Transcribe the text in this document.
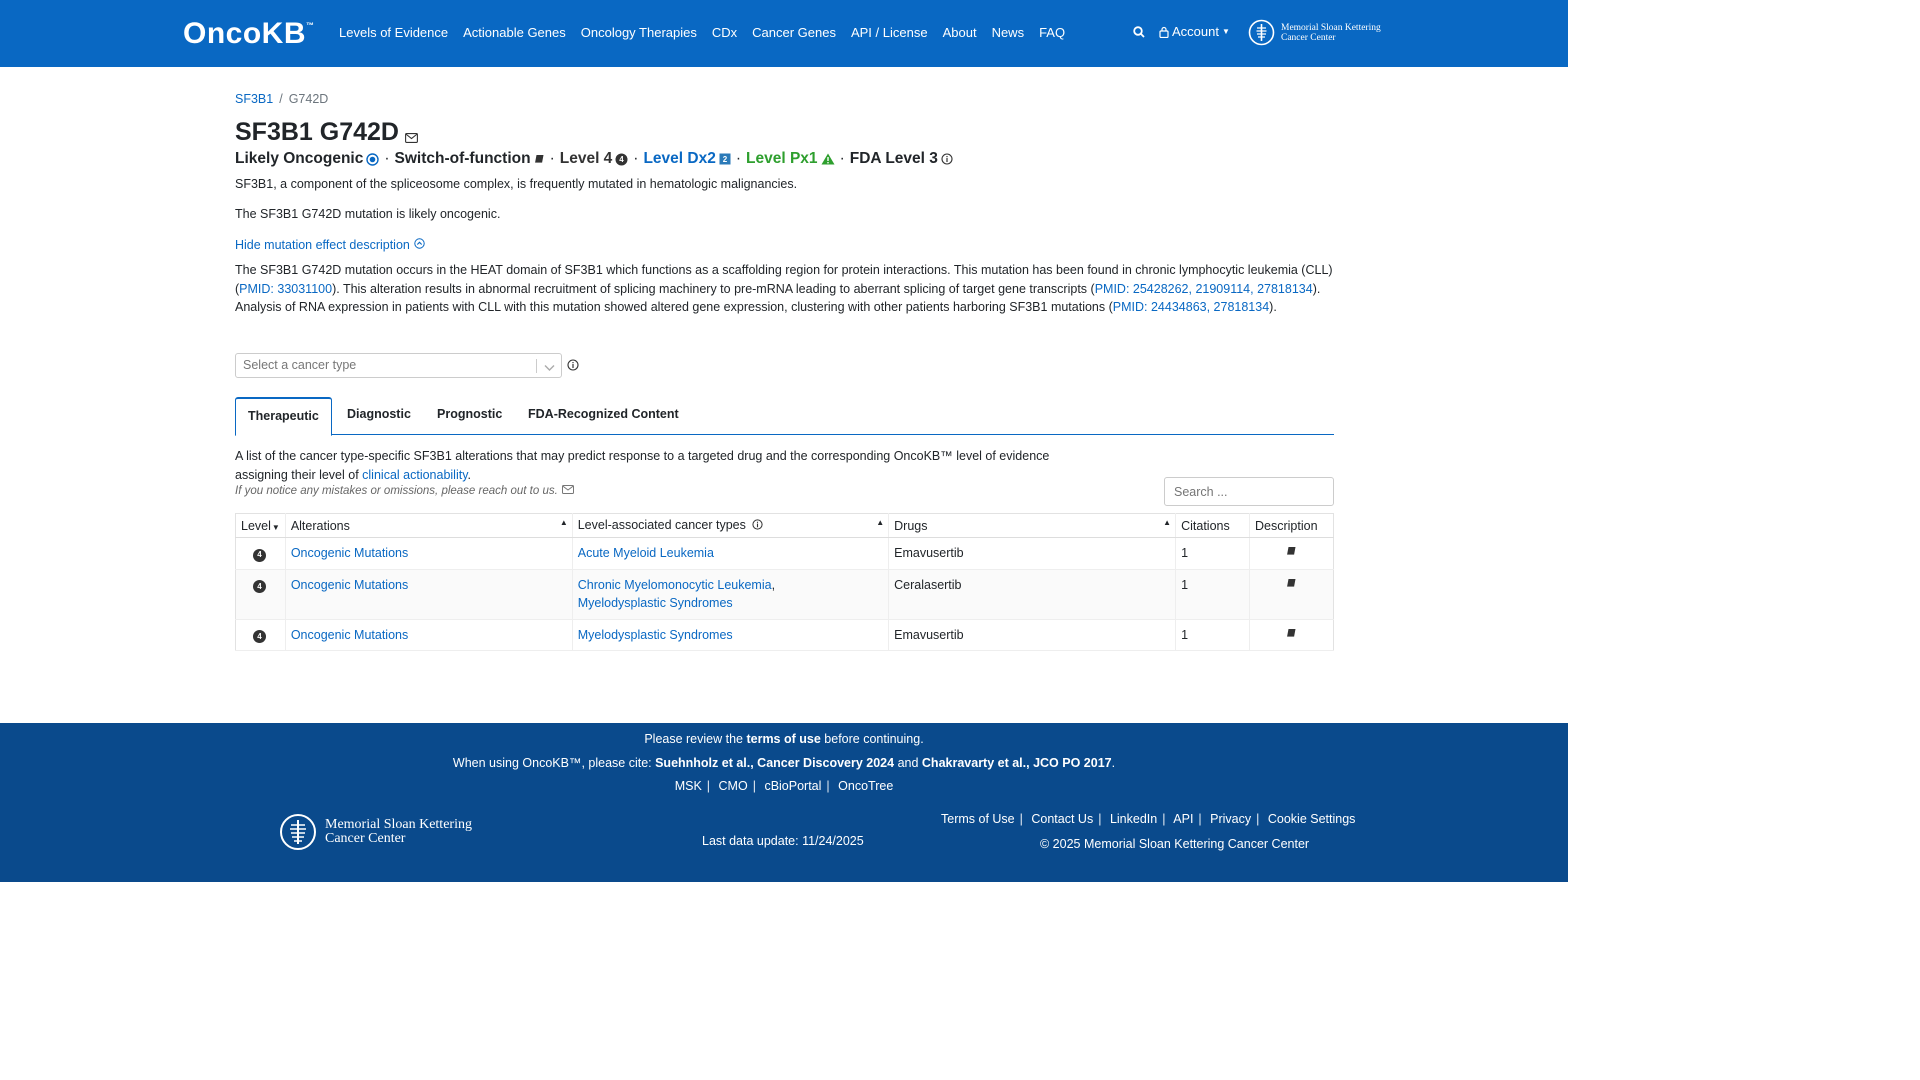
OncoKB ™ Levels of Evidence Actionable Genes Oncology Therapies CDx Cancer Genes API / License About News FAQ	Account ▼	Memorial Sloan Kettering
Cancer Center
SF3B1 / G742D
SF3B1 G742D
Likely Oncogenic · Switch-of-function · Level 4 4 · Level Dx2 2 · Level Px1 · FDA Level 3
SF3B1, a component of the spliceosome complex, is frequently mutated in hematologic malignancies.
The SF3B1 G742D mutation is likely oncogenic.
Hide mutation effect description
The SF3B1 G742D mutation occurs in the HEAT domain of SF3B1 which functions as a scaffolding region for protein interactions. This mutation has been found in chronic lymphocytic leukemia (CLL) (PMID: 33031100). This alteration results in abnormal recruitment of splicing machinery to pre-mRNA leading to aberrant splicing of target gene transcripts (PMID: 25428262, 21909114, 27818134). Analysis of RNA expression in patients with CLL with this mutation showed altered gene expression, clustering with other patients harboring SF3B1 mutations (PMID: 24434863, 27818134).
Select a cancer type
Therapeutic	Diagnostic	Prognostic	FDA-Recognized Content
A list of the cancer type-specific SF3B1 alterations that may predict response to a targeted drug and the corresponding OncoKB™ level of evidence assigning their level of clinical actionability.
If you notice any mistakes or omissions, please reach out to us.
Search ...
Level▼	Alterations ▲	Level-associated cancer types ▲	Drugs ▲	Citations	Description
4	Oncogenic Mutations	Acute Myeloid Leukemia	Emavusertib	1	
4	Oncogenic Mutations	Chronic Myelomonocytic Leukemia,
Myelodysplastic Syndromes	Ceralasertib	1	
4	Oncogenic Mutations	Myelodysplastic Syndromes	Emavusertib	1	
Please review the terms of use before continuing.
When using OncoKB™, please cite: Suehnholz et al., Cancer Discovery 2024 and Chakravarty et al., JCO PO 2017.
MSK | CMO | cBioPortal | OncoTree
Memorial Sloan Kettering
Cancer Center	Last data update: 11/24/2025
Terms of Use | Contact Us | LinkedIn | API | Privacy | Cookie Settings
© 2025 Memorial Sloan Kettering Cancer Center
